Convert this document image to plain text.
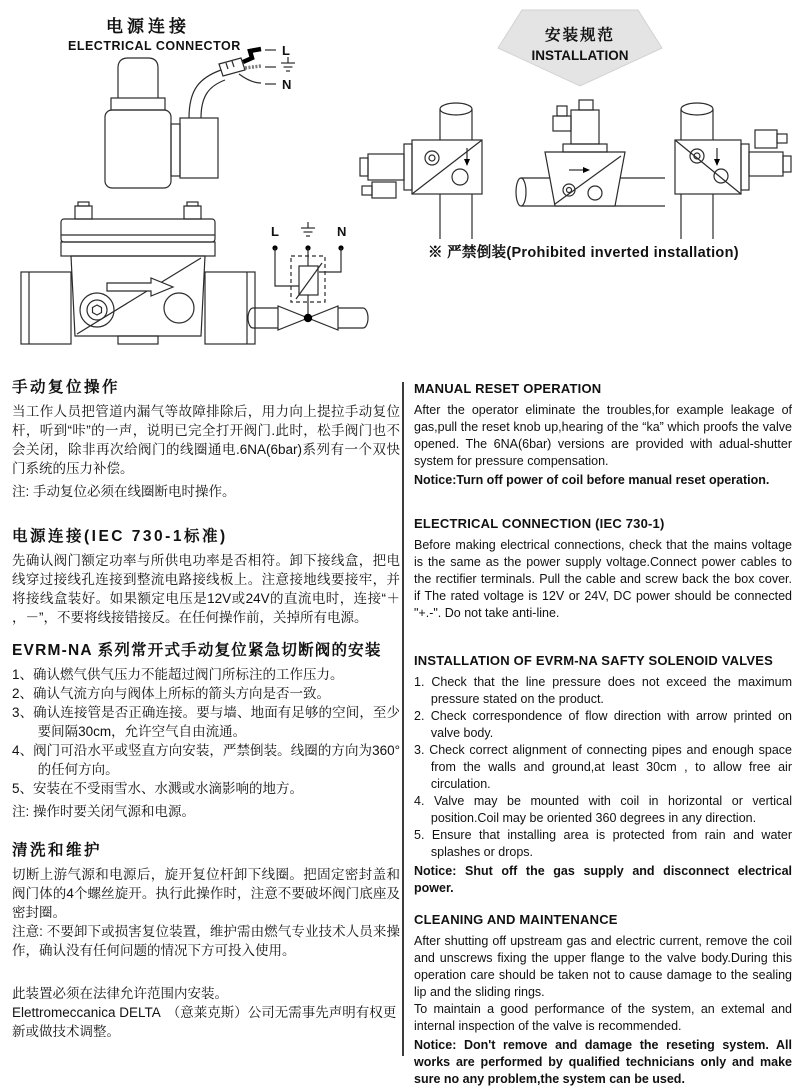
电源连接
ELECTRICAL CONNECTOR	L
N
L	N
安装规范
INSTALLATION
※ 严禁倒装(Prohibited inverted installation)
手动复位操作

当工作人员把管道内漏气等故障排除后，用力向上提拉手动复位杆，听到“咔”的一声，说明已完全打开阀门.此时，松手阀门也不会关闭，除非再次给阀门的线圈通电.6NA(6bar)系列有一个双快门系统的压力补偿。

注: 手动复位必须在线圈断电时操作。

电源连接(IEC 730-1标准)

先确认阀门额定功率与所供电功率是否相符。卸下接线盒，把电线穿过接线孔连接到整流电路接线板上。注意接地线要接牢，并将接线盒装好。如果额定电压是12V或24V的直流电时，连接“＋ ，－”，不要将线接错接反。在任何操作前，关掉所有电源。

EVRM-NA 系列常开式手动复位紧急切断阀的安装
1、确认燃气供气压力不能超过阀门所标注的工作压力。
2、确认气流方向与阀体上所标的箭头方向是否一致。
3、确认连接管是否正确连接。要与墙、地面有足够的空间，至少要间隔30cm，允许空气自由流通。
4、阀门可沿水平或竖直方向安装，严禁倒装。线圈的方向为360°的任何方向。
5、安装在不受雨雪水、水溅或水滴影响的地方。

注: 操作时要关闭气源和电源。

清洗和维护

切断上游气源和电源后，旋开复位杆卸下线圈。把固定密封盖和阀门体的4个螺丝旋开。执行此操作时，注意不要破坏阀门底座及密封圈。

注意: 不要卸下或损害复位装置，维护需由燃气专业技术人员来操作，确认没有任何问题的情况下方可投入使用。

此装置必须在法律允许范围内安装。

Elettromeccanica DELTA　（意莱克斯）公司无需事先声明有权更新或做技术调整。

MANUAL RESET OPERATION

After the operator eliminate the troubles,for example leakage of gas,pull the reset knob up,hearing of the “ka” which proofs the valve opened. The 6NA(6bar) versions are provided with adual-shutter system for pressure compensation.

Notice:Turn off power of coil before manual reset operation.

ELECTRICAL CONNECTION (IEC 730-1)

Before making electrical connections, check that the mains voltage is the same as the power supply voltage.Connect power cables to the rectifier terminals. Pull the cable and screw back the box cover. if The rated voltage is 12V or 24V, DC power should be connected "+.-". Do not take anti-line.

INSTALLATION OF EVRM-NA SAFTY SOLENOID VALVES
1. Check that the line pressure does not exceed the maximum pressure stated on the product.
2. Check correspondence of flow direction with arrow printed on valve body.
3. Check correct alignment of connecting pipes and enough space from the walls and ground,at least 30cm , to allow free air circulation.
4. Valve may be mounted with coil in horizontal or vertical position.Coil may be oriented 360 degrees in any direction.
5. Ensure that installing area is protected from rain and water splashes or drops.

Notice: Shut off the gas supply and disconnect electrical power.

CLEANING AND MAINTENANCE

After shutting off upstream gas and electric current, remove the coil and unscrews fixing the upper flange to the valve body.During this operation care should be taken not to cause damage to the sealing lip and the sliding rings.

To maintain a good performance of the system, an extemal and internal inspection of the valve is recommended.

Notice: Don't remove and damage the reseting system. All works are performed by qualified technicians only and make sure no any problem,the system can be used.
